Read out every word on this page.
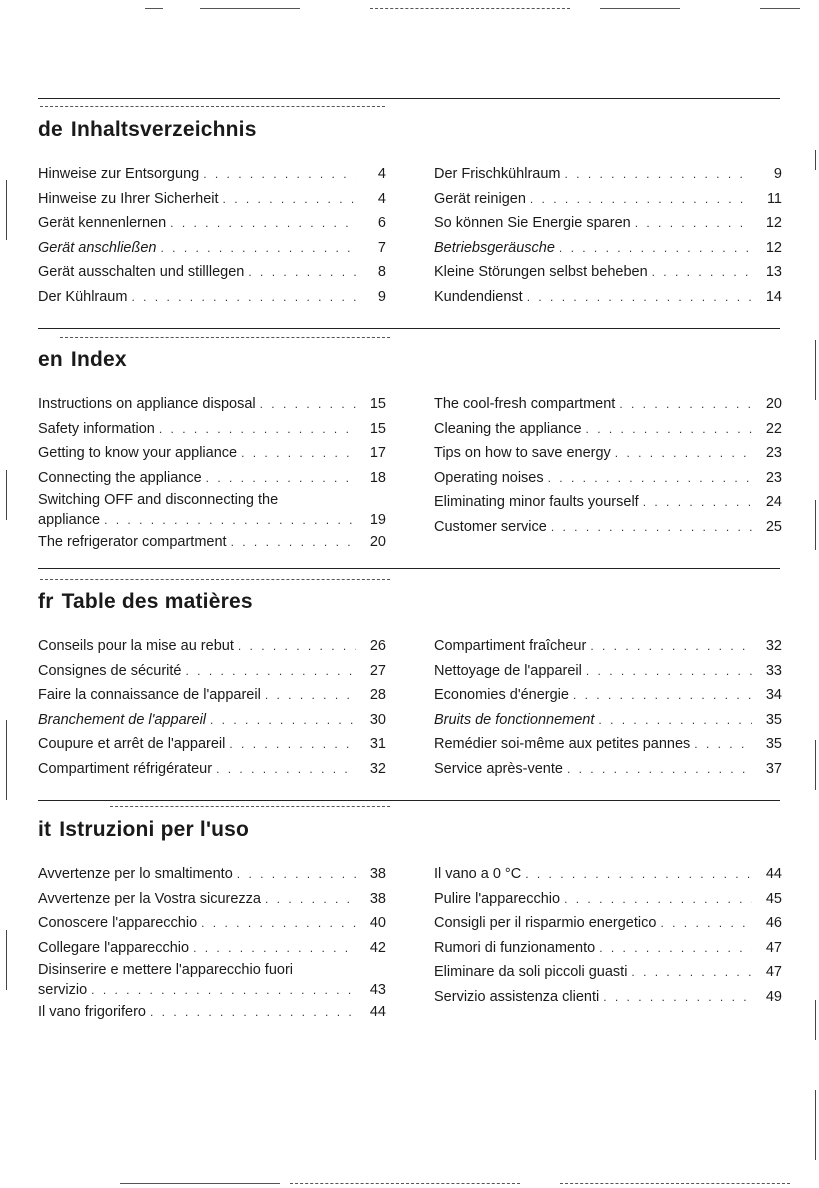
de Inhaltsverzeichnis
Hinweise zur Entsorgung . . .	4
Hinweise zu Ihrer Sicherheit . . .	4
Gerät kennenlernen . . .	6
Gerät anschließen . . .	7
Gerät ausschalten und stilllegen . . .	8
Der Kühlraum . . .	9
Der Frischkühlraum . . .	9
Gerät reinigen . . .	11
So können Sie Energie sparen . . .	12
Betriebsgeräusche . . .	12
Kleine Störungen selbst beheben . . .	13
Kundendienst . . .	14
en Index
Instructions on appliance disposal . . .	15
Safety information . . .	15
Getting to know your appliance . . .	17
Connecting the appliance . . .	18
Switching OFF and disconnecting the
appliance . . .	19
The refrigerator compartment . . .	20
The cool-fresh compartment . . .	20
Cleaning the appliance . . .	22
Tips on how to save energy . . .	23
Operating noises . . .	23
Eliminating minor faults yourself . . .	24
Customer service . . .	25
fr Table des matières
Conseils pour la mise au rebut . . .	26
Consignes de sécurité . . .	27
Faire la connaissance de l'appareil . . .	28
Branchement de l'appareil . . .	30
Coupure et arrêt de l'appareil . . .	31
Compartiment réfrigérateur . . .	32
Compartiment fraîcheur . . .	32
Nettoyage de l'appareil . . .	33
Economies d'énergie . . .	34
Bruits de fonctionnement . . .	35
Remédier soi-même aux petites pannes . . .	35
Service après-vente . . .	37
it Istruzioni per l'uso
Avvertenze per lo smaltimento . . .	38
Avvertenze per la Vostra sicurezza . . .	38
Conoscere l'apparecchio . . .	40
Collegare l'apparecchio . . .	42
Disinserire e mettere l'apparecchio fuori
servizio . . .	43
Il vano frigorifero . . .	44
Il vano a 0 °C . . .	44
Pulire l'apparecchio . . .	45
Consigli per il risparmio energetico . . .	46
Rumori di funzionamento . . .	47
Eliminare da soli piccoli guasti . . .	47
Servizio assistenza clienti . . .	49
